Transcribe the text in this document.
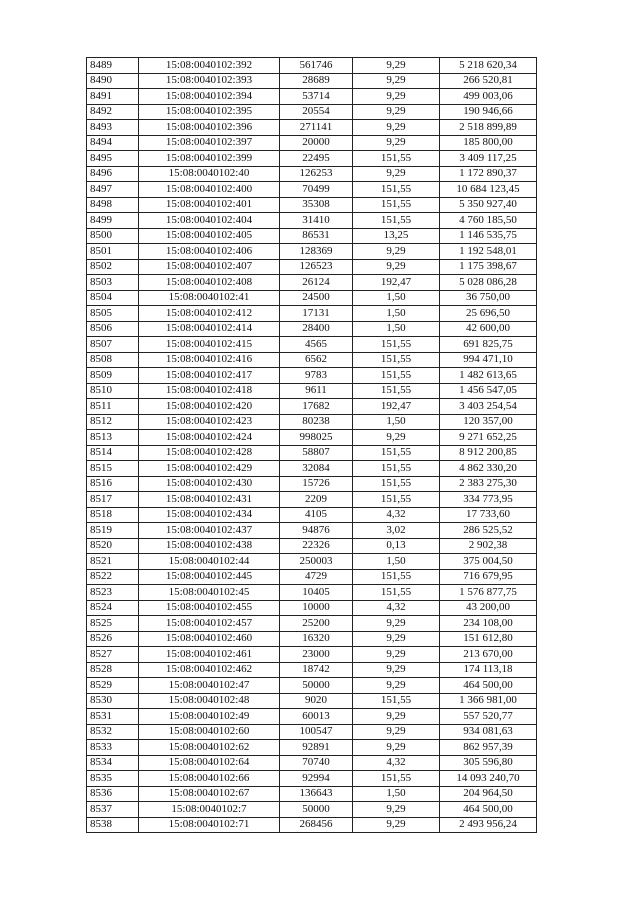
8489	15:08:0040102:392	561746	9,29	5 218 620,34
8490	15:08:0040102:393	28689	9,29	266 520,81
8491	15:08:0040102:394	53714	9,29	499 003,06
8492	15:08:0040102:395	20554	9,29	190 946,66
8493	15:08:0040102:396	271141	9,29	2 518 899,89
8494	15:08:0040102:397	20000	9,29	185 800,00
8495	15:08:0040102:399	22495	151,55	3 409 117,25
8496	15:08:0040102:40	126253	9,29	1 172 890,37
8497	15:08:0040102:400	70499	151,55	10 684 123,45
8498	15:08:0040102:401	35308	151,55	5 350 927,40
8499	15:08:0040102:404	31410	151,55	4 760 185,50
8500	15:08:0040102:405	86531	13,25	1 146 535,75
8501	15:08:0040102:406	128369	9,29	1 192 548,01
8502	15:08:0040102:407	126523	9,29	1 175 398,67
8503	15:08:0040102:408	26124	192,47	5 028 086,28
8504	15:08:0040102:41	24500	1,50	36 750,00
8505	15:08:0040102:412	17131	1,50	25 696,50
8506	15:08:0040102:414	28400	1,50	42 600,00
8507	15:08:0040102:415	4565	151,55	691 825,75
8508	15:08:0040102:416	6562	151,55	994 471,10
8509	15:08:0040102:417	9783	151,55	1 482 613,65
8510	15:08:0040102:418	9611	151,55	1 456 547,05
8511	15:08:0040102:420	17682	192,47	3 403 254,54
8512	15:08:0040102:423	80238	1,50	120 357,00
8513	15:08:0040102:424	998025	9,29	9 271 652,25
8514	15:08:0040102:428	58807	151,55	8 912 200,85
8515	15:08:0040102:429	32084	151,55	4 862 330,20
8516	15:08:0040102:430	15726	151,55	2 383 275,30
8517	15:08:0040102:431	2209	151,55	334 773,95
8518	15:08:0040102:434	4105	4,32	17 733,60
8519	15:08:0040102:437	94876	3,02	286 525,52
8520	15:08:0040102:438	22326	0,13	2 902,38
8521	15:08:0040102:44	250003	1,50	375 004,50
8522	15:08:0040102:445	4729	151,55	716 679,95
8523	15:08:0040102:45	10405	151,55	1 576 877,75
8524	15:08:0040102:455	10000	4,32	43 200,00
8525	15:08:0040102:457	25200	9,29	234 108,00
8526	15:08:0040102:460	16320	9,29	151 612,80
8527	15:08:0040102:461	23000	9,29	213 670,00
8528	15:08:0040102:462	18742	9,29	174 113,18
8529	15:08:0040102:47	50000	9,29	464 500,00
8530	15:08:0040102:48	9020	151,55	1 366 981,00
8531	15:08:0040102:49	60013	9,29	557 520,77
8532	15:08:0040102:60	100547	9,29	934 081,63
8533	15:08:0040102:62	92891	9,29	862 957,39
8534	15:08:0040102:64	70740	4,32	305 596,80
8535	15:08:0040102:66	92994	151,55	14 093 240,70
8536	15:08:0040102:67	136643	1,50	204 964,50
8537	15:08:0040102:7	50000	9,29	464 500,00
8538	15:08:0040102:71	268456	9,29	2 493 956,24
